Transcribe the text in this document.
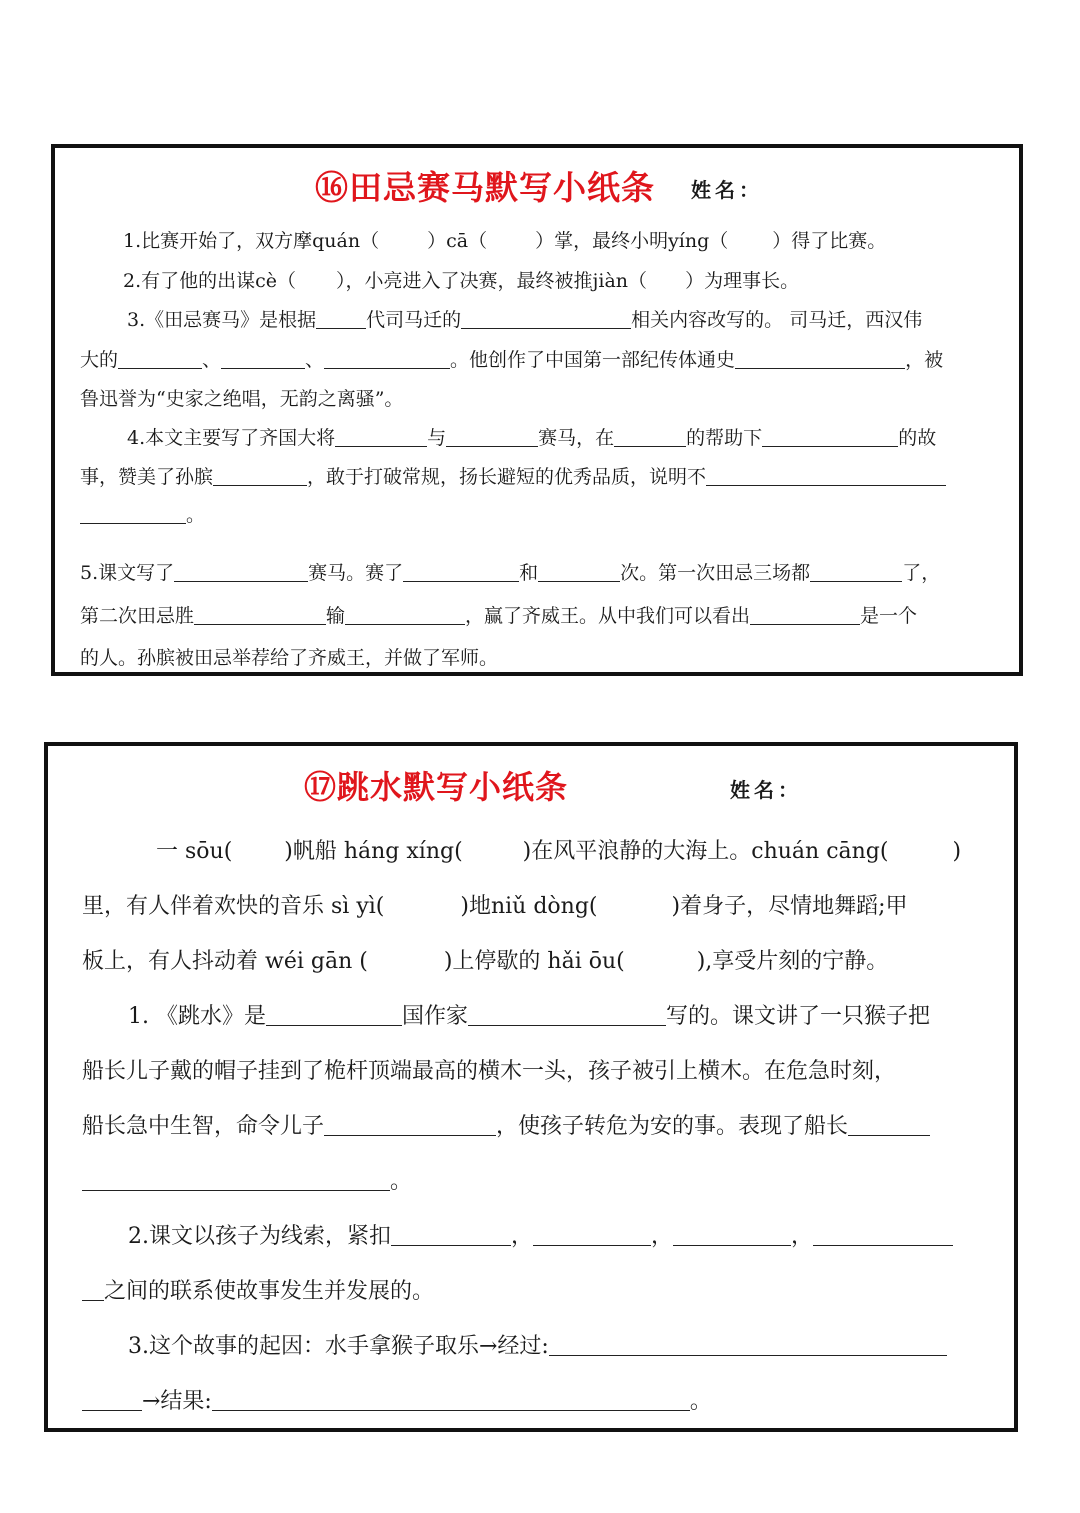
⑯田忌赛马默写小纸条 姓名：
1.比赛开始了，双方摩quán（	）cā（	）掌，最终小明yíng（ ）得了比赛。
2.有了他的出谋cè（ ），小亮进入了决赛，最终被推jiàn（ ）为理事长。
3.《田忌赛马》是根据	代司马迁的	相关内容改写的。 司马迁，西汉伟
大的	、	、	。他创作了中国第一部纪传体通史	，被
鲁迅誉为“史家之绝唱，无韵之离骚”。
4.本文主要写了齐国大将	与	赛马，在	的帮助下	的故
事，赞美了孙膑	，敢于打破常规，扬长避短的优秀品质，说明不
。
5.课文写了	赛马。赛了	和	次。第一次田忌三场都	了，
第二次田忌胜	输	，赢了齐威王。从中我们可以看出	是一个
的人。孙膑被田忌举荐给了齐威王，并做了军师。
⑰跳水默写小纸条	姓名：
一 sōu( )帆船 háng xíng(	)在风平浪静的大海上。chuán cāng(	)
里，有人伴着欢快的音乐 sì yì(	)地niǔ dòng(	)着身子，尽情地舞蹈;甲
板上，有人抖动着 wéi gān (	)上停歇的 hǎi ōu(	),享受片刻的宁静。
1. 《跳水》是	国作家	写的。课文讲了一只猴子把
船长儿子戴的帽子挂到了桅杆顶端最高的横木一头，孩子被引上横木。在危急时刻，
船长急中生智，命令儿子	，使孩子转危为安的事。表现了船长
。
2.课文以孩子为线索，紧扣	，	，	，
之间的联系使故事发生并发展的。
3.这个故事的起因：水手拿猴子取乐→经过:
→结果:	。
